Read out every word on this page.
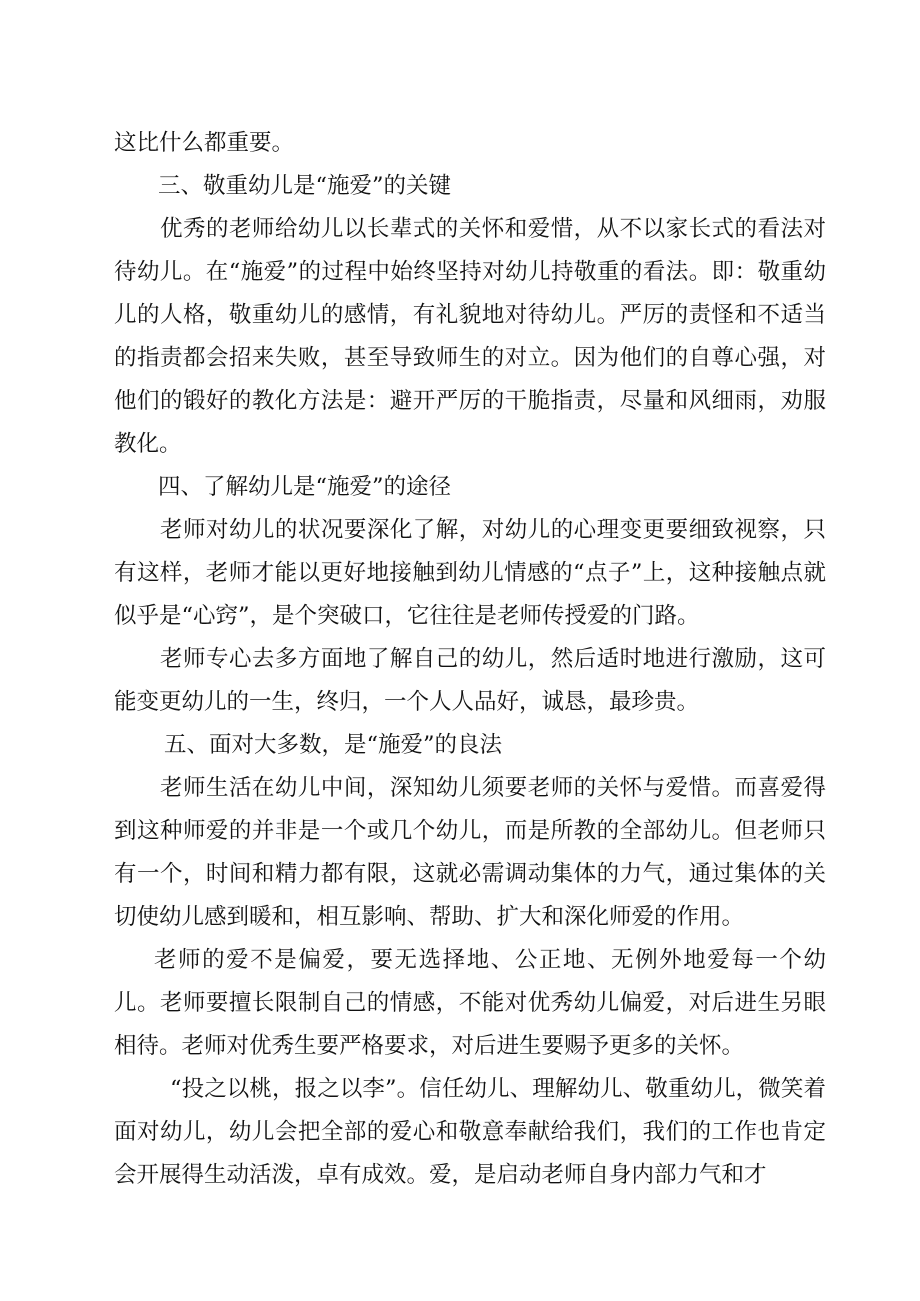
这比什么都重要。

三、敬重幼儿是“施爱”的关键

优秀的老师给幼儿以长辈式的关怀和爱惜，从不以家长式的看法对待幼儿。在“施爱”的过程中始终坚持对幼儿持敬重的看法。即：敬重幼儿的人格，敬重幼儿的感情，有礼貌地对待幼儿。严厉的责怪和不适当的指责都会招来失败，甚至导致师生的对立。因为他们的自尊心强，对他们的锻好的教化方法是：避开严厉的干脆指责，尽量和风细雨，劝服教化。

四、了解幼儿是“施爱”的途径

老师对幼儿的状况要深化了解，对幼儿的心理变更要细致视察，只有这样，老师才能以更好地接触到幼儿情感的“点子”上，这种接触点就似乎是“心窍”，是个突破口，它往往是老师传授爱的门路。

老师专心去多方面地了解自己的幼儿，然后适时地进行激励，这可能变更幼儿的一生，终归，一个人人品好，诚恳，最珍贵。

五、面对大多数，是“施爱”的良法

老师生活在幼儿中间，深知幼儿须要老师的关怀与爱惜。而喜爱得到这种师爱的并非是一个或几个幼儿，而是所教的全部幼儿。但老师只有一个，时间和精力都有限，这就必需调动集体的力气，通过集体的关切使幼儿感到暖和，相互影响、帮助、扩大和深化师爱的作用。

老师的爱不是偏爱，要无选择地、公正地、无例外地爱每一个幼儿。老师要擅长限制自己的情感，不能对优秀幼儿偏爱，对后进生另眼相待。老师对优秀生要严格要求，对后进生要赐予更多的关怀。

“投之以桃，报之以李”。信任幼儿、理解幼儿、敬重幼儿，微笑着面对幼儿，幼儿会把全部的爱心和敬意奉献给我们，我们的工作也肯定会开展得生动活泼，卓有成效。爱，是启动老师自身内部力气和才
